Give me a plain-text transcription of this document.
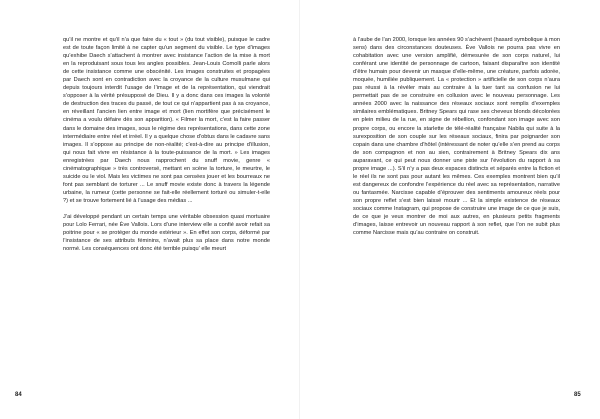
qu’il ne montre et qu’il n’a que faire du « tout » (du tout visible), puisque le cadre est de toute façon limité à ne capter qu’un segment du visible. Le type d’images qu’exhibe Daech s’attachent à montrer avec insistance l’action de la mise à mort en la reproduisant sous tous les angles possibles. Jean-Louis Comolli parle alors de cette insistance comme une obscénité. Les images construites et propagées par Daech sont en contradiction avec la croyance de la culture musulmane qui depuis toujours interdit l’usage de l’image et de la représentation, qui viendrait s’opposer à la vérité présupposé de Dieu. Il y a donc dans ces images la volonté de destruction des traces du passé, de tout ce qui n’appartient pas à sa croyance, en réveillant l’ancien lien entre image et mort (lien mortifère que précisément le cinéma a voulu défaire dès son apparition). « Filmer la mort, c’est la faire passer dans le domaine des images, sous le régime des représentations, dans cette zone intermédiaire entre réel et irréel. Il y a quelque chose d’obtus dans le cadavre sans images. Il s’oppose au principe de non-réalité; c’est-à-dire au principe d’illusion, qui nous fait vivre en résistance à la toute-puissance de la mort. » Les images enregistrées par Daech nous rapprochent du snuff movie, genre « cinématographique » très controversé, mettant en scène la torture, le meurtre, le suicide ou le viol. Mais les victimes ne sont pas censées jouer et les bourreaux ne font pas semblant de torturer ... Le snuff movie existe donc à travers la légende urbaine, la rumeur (cette personne se fait-elle réellement torturé ou simuler-t-elle ?) et se trouve fortement lié à l’usage des médias ...

J’ai développé pendant un certain temps une véritable obsession quasi mortuaire pour Lolo Ferrari, née Ève Vallois. Lors d’une interview elle a confié avoir refait sa poitrine pour « se protéger du monde extérieur ». En effet son corps, déformé par l’insistance de ses attributs féminins, n’avait plus sa place dans notre monde normé. Les conséquences ont donc été terrible puisqu’ elle meurt

84

à l’aube de l’an 2000, lorsque les années 90 s’achèvent (hasard symbolique à mon sens) dans des circonstances douteuses. Ève Vallois ne pourra pas vivre en cohabitation avec une version amplifié, démesurée de son corps naturel, lui conférant une identité de personnage de cartoon, faisant disparaître son identité d’être humain pour devenir un masque d’elle-même, une créature, parfois adorée, moquée, humiliée publiquement. La « protection » artificielle de son corps n’aura pas réussi à la révéler mais au contraire à la tuer tant sa confusion ne lui permettait pas de se construire en collusion avec le nouveau personnage. Les années 2000 avec la naissance des réseaux sociaux sont remplis d’exemples similaires emblématiques. Britney Spears qui rase ses cheveux blonds décolorées en plein milieu de la rue, en signe de rébellion, confondant son image avec son propre corps, ou encore la starlette de télé-réalité française Nabila qui suite à la surexposition de son couple sur les réseaux sociaux, finira par poignarder son copain dans une chambre d’hôtel (intéressant de noter qu’elle s’en prend au corps de son compagnon et non au sien, contrairement à Britney Spears dix ans auparavant, ce qui peut nous donner une piste sur l’évolution du rapport à sa propre image ...). S’il n’y a pas deux espaces distincts et séparés entre la fiction et le réel ils ne sont pas pour autant les mêmes. Ces exemples montrent bien qu’il est dangereux de confondre l’expérience du réel avec sa représentation, narrative ou fantasmée. Narcisse capable d’éprouver des sentiments amoureux réels pour son propre reflet s’est bien laissé mourir ... Et la simple existence de réseaux sociaux comme Instagram, qui propose de construire une image de ce que je suis, de ce que je veux montrer de moi aux autres, en plusieurs petits fragments d’images, laisse entrevoir un nouveau rapport à son reflet, que l’on ne subit plus comme Narcisse mais qu’au contraire on construit.

85
